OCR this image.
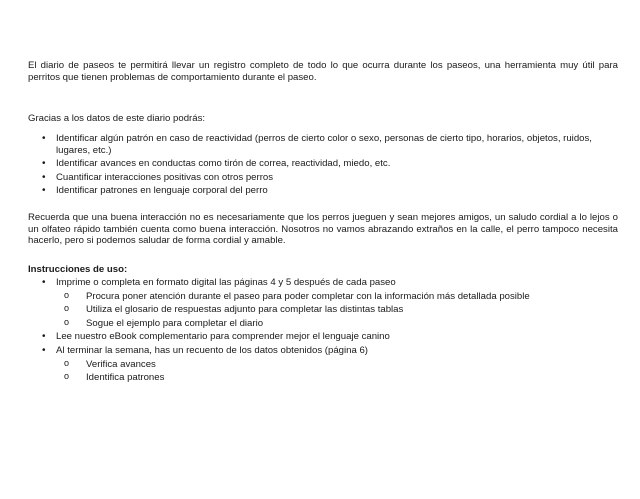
El diario de paseos te permitirá llevar un registro completo de todo lo que ocurra durante los paseos, una herramienta muy útil para perritos que tienen problemas de comportamiento durante el paseo.

Gracias a los datos de este diario podrás:

• Identificar algún patrón en caso de reactividad (perros de cierto color o sexo, personas de cierto tipo, horarios, objetos, ruidos, lugares, etc.)
• Identificar avances en conductas como tirón de correa, reactividad, miedo, etc.
• Cuantificar interacciones positivas con otros perros
• Identificar patrones en lenguaje corporal del perro

Recuerda que una buena interacción no es necesariamente que los perros jueguen y sean mejores amigos, un saludo cordial a lo lejos o un olfateo rápido también cuenta como buena interacción. Nosotros no vamos abrazando extraños en la calle, el perro tampoco necesita hacerlo, pero si podemos saludar de forma cordial y amable.

Instrucciones de uso:
• Imprime o completa en formato digital las páginas 4 y 5 después de cada paseo
o Procura poner atención durante el paseo para poder completar con la información más detallada posible
o Utiliza el glosario de respuestas adjunto para completar las distintas tablas
o Sogue el ejemplo para completar el diario
• Lee nuestro eBook complementario para comprender mejor el lenguaje canino
• Al terminar la semana, has un recuento de los datos obtenidos (página 6)
o Verifica avances
o Identifica patrones
